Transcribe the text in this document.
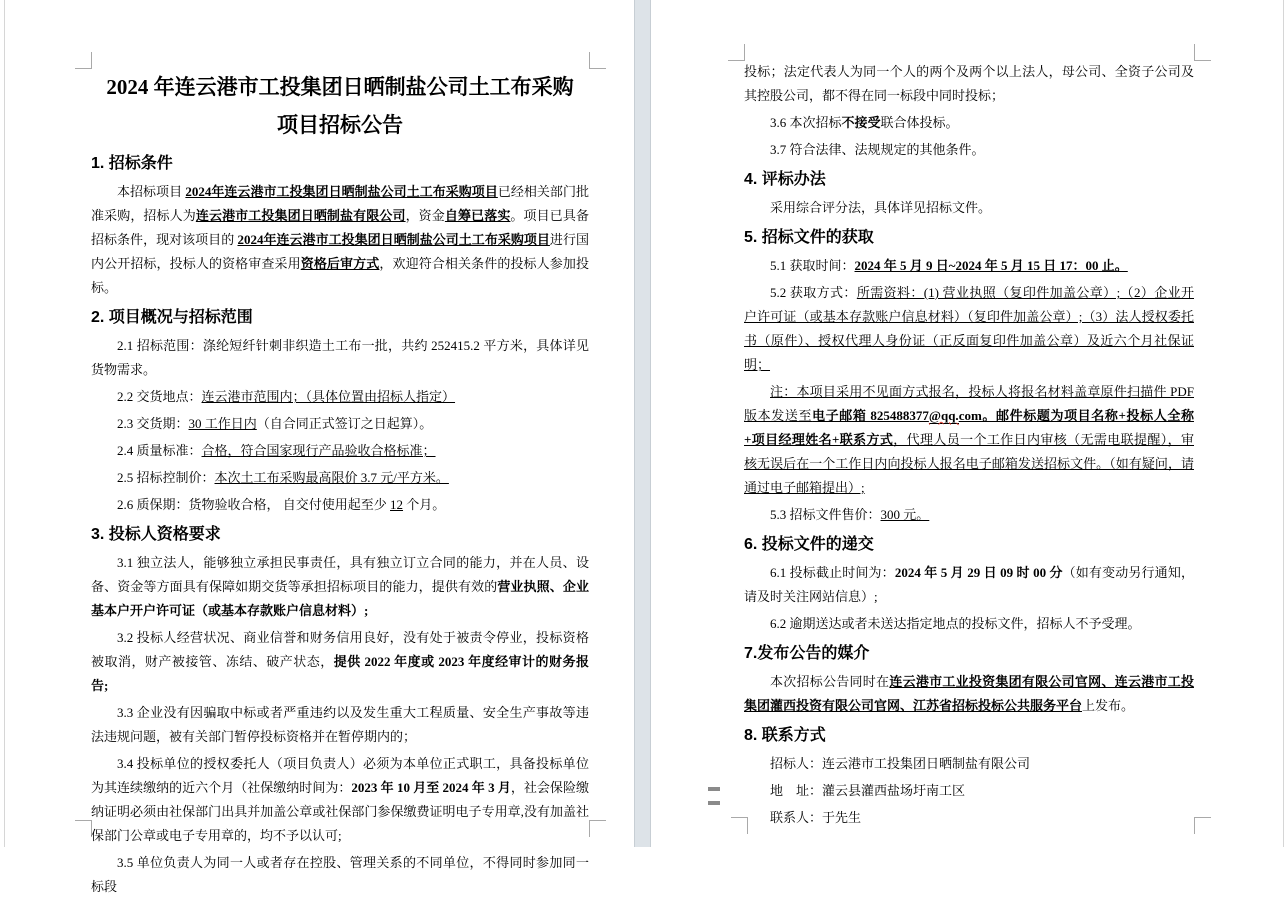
2024 年连云港市工投集团日晒制盐公司土工布采购
项目招标公告
1. 招标条件
本招标项目 2024年连云港市工投集团日晒制盐公司土工布采购项目已经相关部门批准采购，招标人为连云港市工投集团日晒制盐有限公司，资金自筹已落实。项目已具备招标条件，现对该项目的 2024年连云港市工投集团日晒制盐公司土工布采购项目进行国内公开招标，投标人的资格审查采用资格后审方式，欢迎符合相关条件的投标人参加投标。
2. 项目概况与招标范围
2.1 招标范围：涤纶短纤针刺非织造土工布一批，共约 252415.2 平方米，具体详见货物需求。
2.2 交货地点：连云港市范围内；（具体位置由招标人指定）
2.3 交货期：30 工作日内（自合同正式签订之日起算）。
2.4 质量标准：合格，符合国家现行产品验收合格标准；
2.5 招标控制价：本次土工布采购最高限价 3.7 元/平方米。
2.6 质保期：货物验收合格， 自交付使用起至少 12 个月。
3. 投标人资格要求
3.1 独立法人，能够独立承担民事责任，具有独立订立合同的能力，并在人员、设备、资金等方面具有保障如期交货等承担招标项目的能力，提供有效的营业执照、企业基本户开户许可证（或基本存款账户信息材料）;
3.2 投标人经营状况、商业信誉和财务信用良好，没有处于被责令停业，投标资格被取消，财产被接管、冻结、破产状态，提供 2022 年度或 2023 年度经审计的财务报告;
3.3 企业没有因骗取中标或者严重违约以及发生重大工程质量、安全生产事故等违法违规问题，被有关部门暂停投标资格并在暂停期内的；
3.4 投标单位的授权委托人（项目负责人）必须为本单位正式职工，具备投标单位为其连续缴纳的近六个月（社保缴纳时间为：2023 年 10 月至 2024 年 3 月，社会保险缴纳证明必须由社保部门出具并加盖公章或社保部门参保缴费证明电子专用章,没有加盖社保部门公章或电子专用章的，均不予以认可;
3.5 单位负责人为同一人或者存在控股、管理关系的不同单位，不得同时参加同一标段
投标；法定代表人为同一个人的两个及两个以上法人，母公司、全资子公司及其控股公司，都不得在同一标段中同时投标；
3.6 本次招标不接受联合体投标。
3.7 符合法律、法规规定的其他条件。
4. 评标办法
采用综合评分法，具体详见招标文件。
5. 招标文件的获取
5.1 获取时间：2024 年 5 月 9 日~2024 年 5 月 15 日 17：00 止。
5.2 获取方式：所需资料：(1) 营业执照（复印件加盖公章）;（2）企业开户许可证（或基本存款账户信息材料）（复印件加盖公章）;（3）法人授权委托书（原件）、授权代理人身份证（正反面复印件加盖公章）及近六个月社保证明；
注：本项目采用不见面方式报名，投标人将报名材料盖章原件扫描件 PDF 版本发送至电子邮箱 825488377@qq.com。邮件标题为项目名称+投标人全称+项目经理姓名+联系方式，代理人员一个工作日内审核（无需电联提醒），审核无误后在一个工作日内向投标人报名电子邮箱发送招标文件。（如有疑问，请通过电子邮箱提出）;
5.3 招标文件售价：300 元。
6. 投标文件的递交
6.1 投标截止时间为：2024 年 5 月 29 日 09 时 00 分（如有变动另行通知，请及时关注网站信息）;
6.2 逾期送达或者未送达指定地点的投标文件，招标人不予受理。
7.发布公告的媒介
本次招标公告同时在连云港市工业投资集团有限公司官网、连云港市工投集团灌西投资有限公司官网、江苏省招标投标公共服务平台上发布。
8. 联系方式
招标人：连云港市工投集团日晒制盐有限公司
地　址：灌云县灌西盐场圩南工区
联系人：于先生
